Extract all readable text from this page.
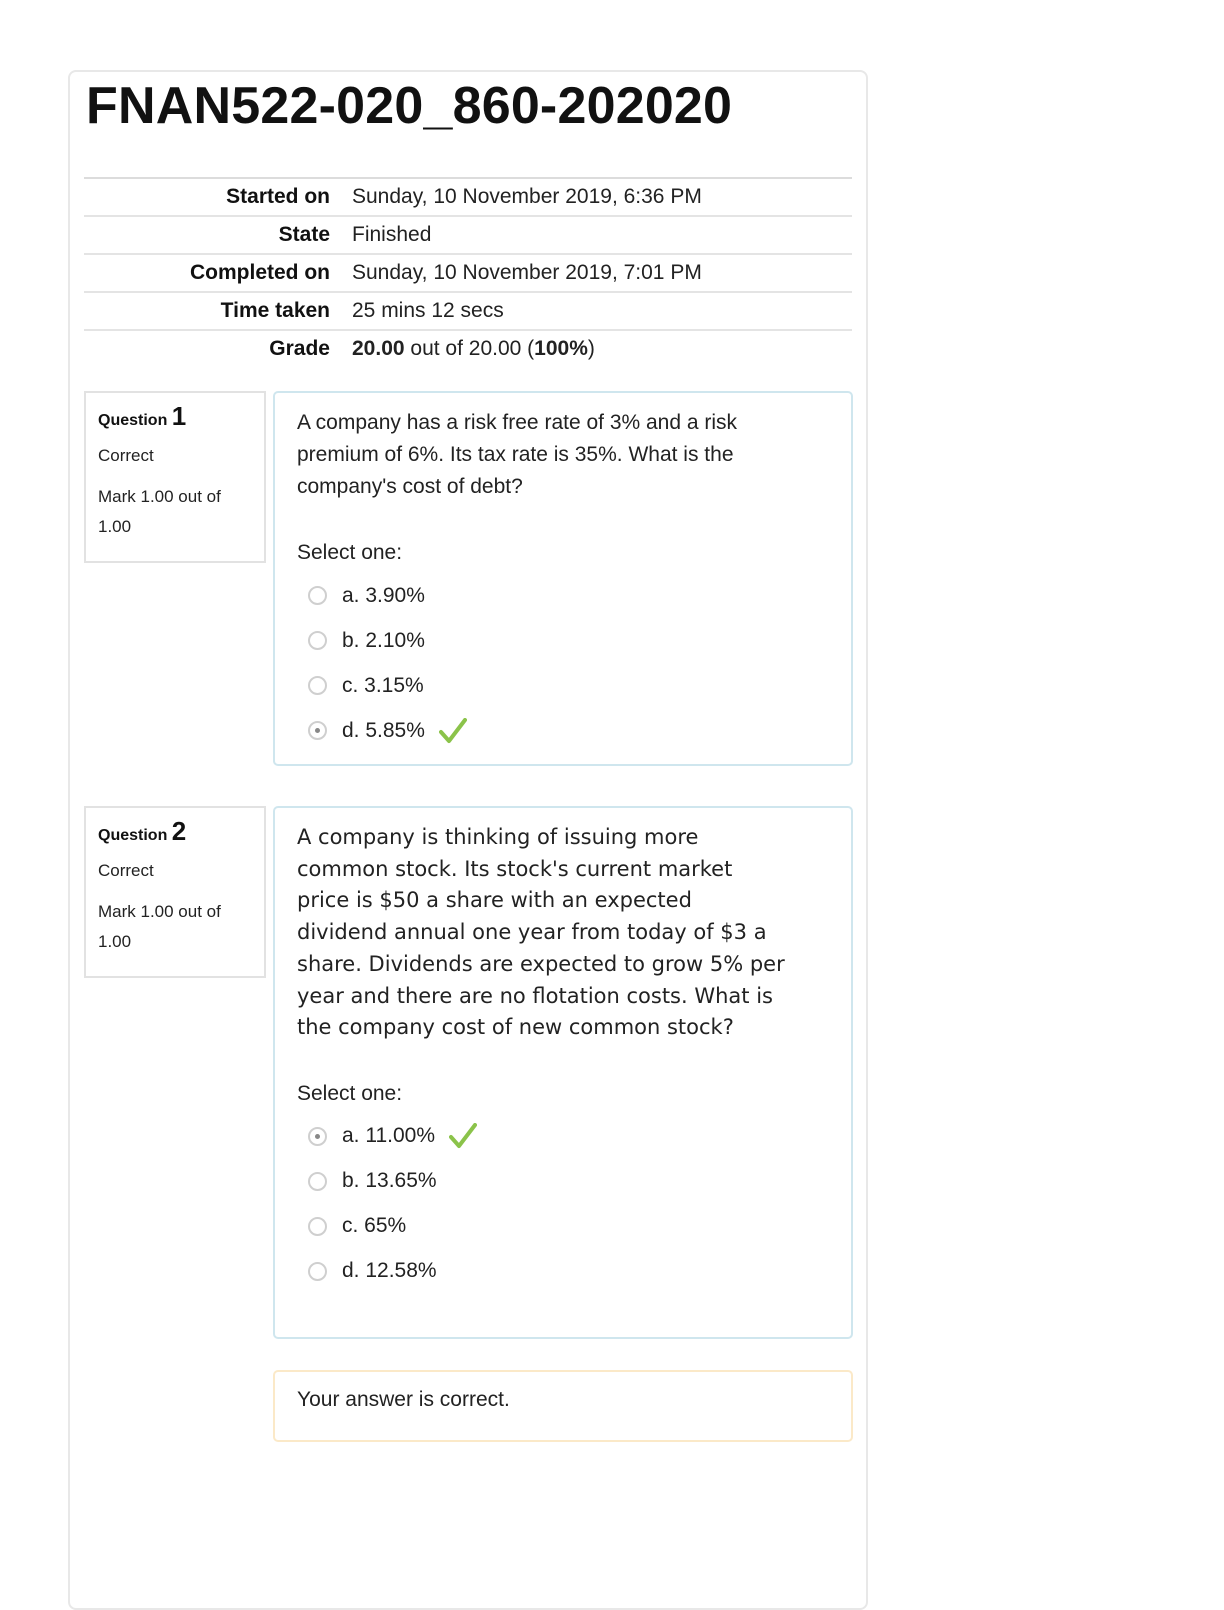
FNAN522-020_860-202020
Started on	Sunday, 10 November 2019, 6:36 PM
State	Finished
Completed on	Sunday, 10 November 2019, 7:01 PM
Time taken	25 mins 12 secs
Grade	20.00 out of 20.00 (100%)
Question 1
Correct
Mark 1.00 out of 1.00
A company has a risk free rate of 3% and a risk premium of 6%. Its tax rate is 35%. What is the company's cost of debt?
Select one:
a. 3.90%
b. 2.10%
c. 3.15%
d. 5.85%
Question 2
Correct
Mark 1.00 out of 1.00
A company is thinking of issuing more common stock. Its stock's current market price is $50 a share with an expected dividend annual one year from today of $3 a share. Dividends are expected to grow 5% per year and there are no flotation costs. What is the company cost of new common stock?
Select one:
a. 11.00%
b. 13.65%
c. 65%
d. 12.58%
Your answer is correct.
